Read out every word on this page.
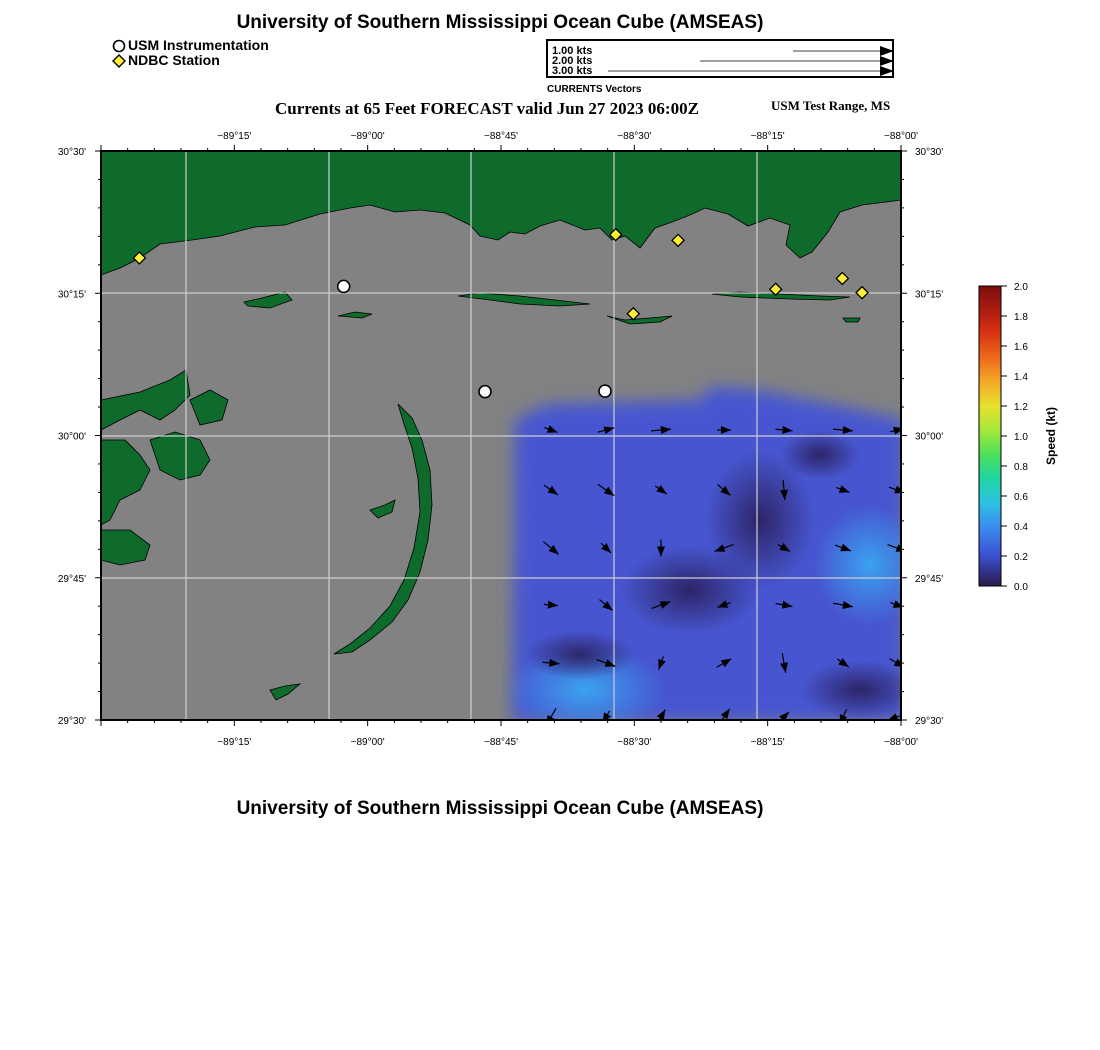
University of Southern Mississippi Ocean Cube (AMSEAS)
USM Instrumentation
NDBC Station
1.00 kts
2.00 kts
3.00 kts
CURRENTS Vectors
Currents at 65 Feet FORECAST valid Jun 27 2023 06:00Z	USM Test Range, MS
−89°15'
−89°15'
−89°00'
−89°00'
−88°45'
−88°45'
−88°30'
−88°30'
−88°15'
−88°15'
−88°00'
−88°00'
30°30'	30°30'
30°15'	30°15'
30°00'	30°00'
29°45'	29°45'
29°30'	29°30'
2.0
1.8
1.6
1.4
1.2
1.0
0.8
0.6
0.4
0.2
0.0
Speed (kt)
University of Southern Mississippi Ocean Cube (AMSEAS)
